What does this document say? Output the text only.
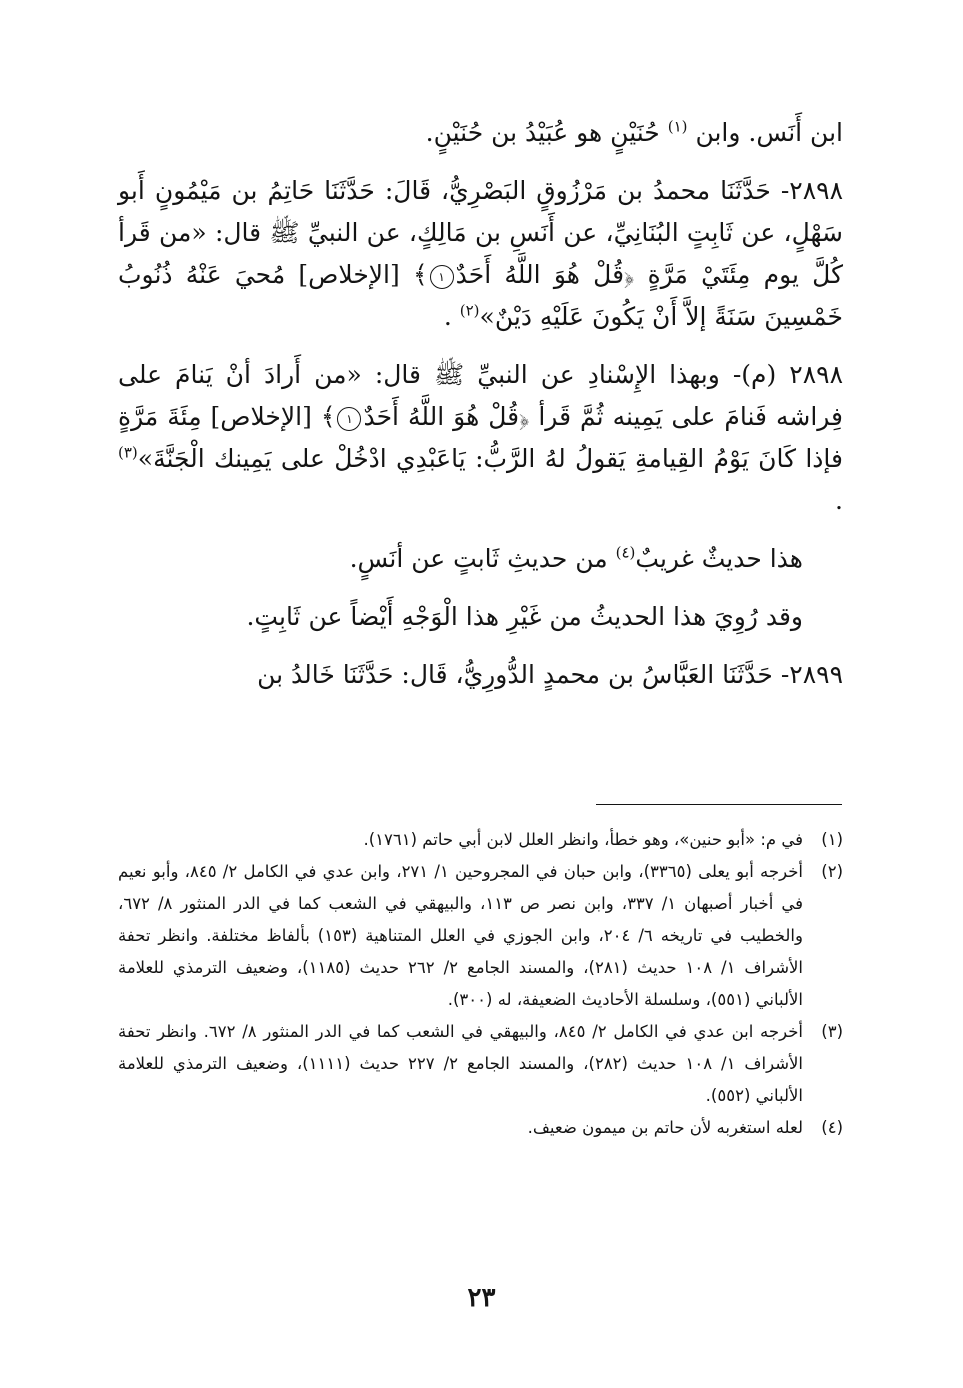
ابن أَنَس. وابن $^{(١)}$ حُنَيْنٍ هو عُبَيْدُ بن حُنَيْنٍ.

٢٨٩٨- حَدَّثَنَا محمدُ بن مَرْزُوقٍ البَصْرِيُّ، قَالَ: حَدَّثَنَا حَاتِمُ بن مَيْمُونٍ أَبو سَهْلٍ، عن ثَابِتٍ البُنَانِيِّ، عن أَنَسِ بن مَالِكٍ، عن النبيِّ ﷺ قال: «من قَرأ كُلَّ يوم مِئَتَيْ مَرَّةٍ ﴿قُلْ هُوَ اللَّهُ أَحَدٌ١﴾ [الإخلاص] مُحيَ عَنْهُ ذُنُوبُ خَمْسِينَ سَنَةً إلاَّ أَنْ يَكُونَ عَلَيْهِ دَيْنٌ»$^{(٢)}$ .

٢٨٩٨ (م)- وبهذا الإِسْنادِ عن النبيِّ ﷺ قال: «من أَرادَ أنْ يَنامَ على فِراشه فَنامَ على يَمِينه ثُمَّ قَرأ ﴿قُلْ هُوَ اللَّهُ أَحَدٌ١﴾ [الإخلاص] مِئَةَ مَرَّةٍ فإذا كَانَ يَوْمُ القِيامةِ يَقولُ لهُ الرَّبُّ: يَاعَبْدِي ادْخُلْ على يَمِينك الْجَنَّةَ»$^{(٣)}$ .

هذا حديثٌ غريبٌ$^{(٤)}$ من حديثِ ثَابتٍ عن أنَسٍ.

وقد رُوِيَ هذا الحديثُ من غَيْرِ هذا الْوَجْهِ أَيْضاً عن ثَابِتٍ.

٢٨٩٩- حَدَّثَنَا العَبَّاسُ بن محمدٍ الدُّورِيُّ، قَال: حَدَّثَنَا خَالدُ بن

(١)
في م: «أبو حنين»، وهو خطأ، وانظر العلل لابن أبي حاتم (١٧٦١).
(٢)
أخرجه أبو يعلى (٣٣٦٥)، وابن حبان في المجروحين ١/ ٢٧١، وابن عدي في الكامل ٢/ ٨٤٥، وأبو نعيم في أخبار أصبهان ١/ ٣٣٧، وابن نصر ص ١١٣، والبيهقي في الشعب كما في الدر المنثور ٨/ ٦٧٢، والخطيب في تاريخه ٦/ ٢٠٤، وابن الجوزي في العلل المتناهية (١٥٣) بألفاظ مختلفة. وانظر تحفة الأشراف ١/ ١٠٨ حديث (٢٨١)، والمسند الجامع ٢/ ٢٦٢ حديث (١١٨٥)، وضعيف الترمذي للعلامة الألباني (٥٥١)، وسلسلة الأحاديث الضعيفة، له (٣٠٠).
(٣)
أخرجه ابن عدي في الكامل ٢/ ٨٤٥، والبيهقي في الشعب كما في الدر المنثور ٨/ ٦٧٢. وانظر تحفة الأشراف ١/ ١٠٨ حديث (٢٨٢)، والمسند الجامع ٢/ ٢٢٧ حديث (١١١١)، وضعيف الترمذي للعلامة الألباني (٥٥٢).
(٤)
لعله استغربه لأن حاتم بن ميمون ضعيف.
٢٣
